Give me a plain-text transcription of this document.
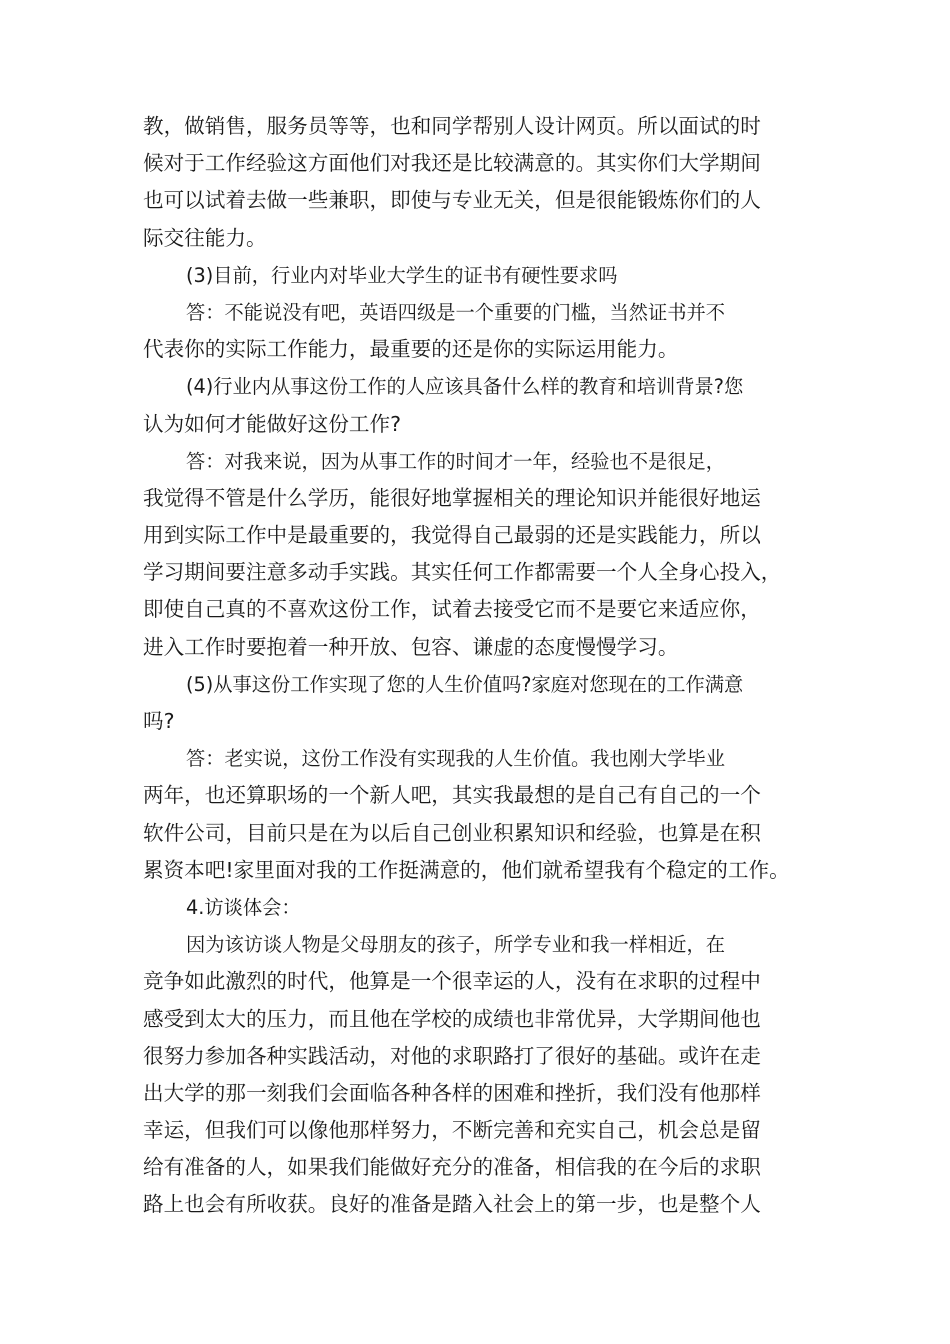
教，做销售，服务员等等，也和同学帮别人设计网页。所以面试的时
候对于工作经验这方面他们对我还是比较满意的。其实你们大学期间
也可以试着去做一些兼职，即使与专业无关，但是很能锻炼你们的人
际交往能力。
(3)目前，行业内对毕业大学生的证书有硬性要求吗
答：不能说没有吧，英语四级是一个重要的门槛，当然证书并不
代表你的实际工作能力，最重要的还是你的实际运用能力。
(4)行业内从事这份工作的人应该具备什么样的教育和培训背景?您
认为如何才能做好这份工作?
答：对我来说，因为从事工作的时间才一年，经验也不是很足，
我觉得不管是什么学历，能很好地掌握相关的理论知识并能很好地运
用到实际工作中是最重要的，我觉得自己最弱的还是实践能力，所以
学习期间要注意多动手实践。其实任何工作都需要一个人全身心投入，
即使自己真的不喜欢这份工作，试着去接受它而不是要它来适应你，
进入工作时要抱着一种开放、包容、谦虚的态度慢慢学习。
(5)从事这份工作实现了您的人生价值吗?家庭对您现在的工作满意
吗?
答：老实说，这份工作没有实现我的人生价值。我也刚大学毕业
两年，也还算职场的一个新人吧，其实我最想的是自己有自己的一个
软件公司，目前只是在为以后自己创业积累知识和经验，也算是在积
累资本吧!家里面对我的工作挺满意的，他们就希望我有个稳定的工作。
4.访谈体会：
因为该访谈人物是父母朋友的孩子，所学专业和我一样相近，在
竞争如此激烈的时代，他算是一个很幸运的人，没有在求职的过程中
感受到太大的压力，而且他在学校的成绩也非常优异，大学期间他也
很努力参加各种实践活动，对他的求职路打了很好的基础。或许在走
出大学的那一刻我们会面临各种各样的困难和挫折，我们没有他那样
幸运，但我们可以像他那样努力，不断完善和充实自己，机会总是留
给有准备的人，如果我们能做好充分的准备，相信我的在今后的求职
路上也会有所收获。良好的准备是踏入社会上的第一步，也是整个人
